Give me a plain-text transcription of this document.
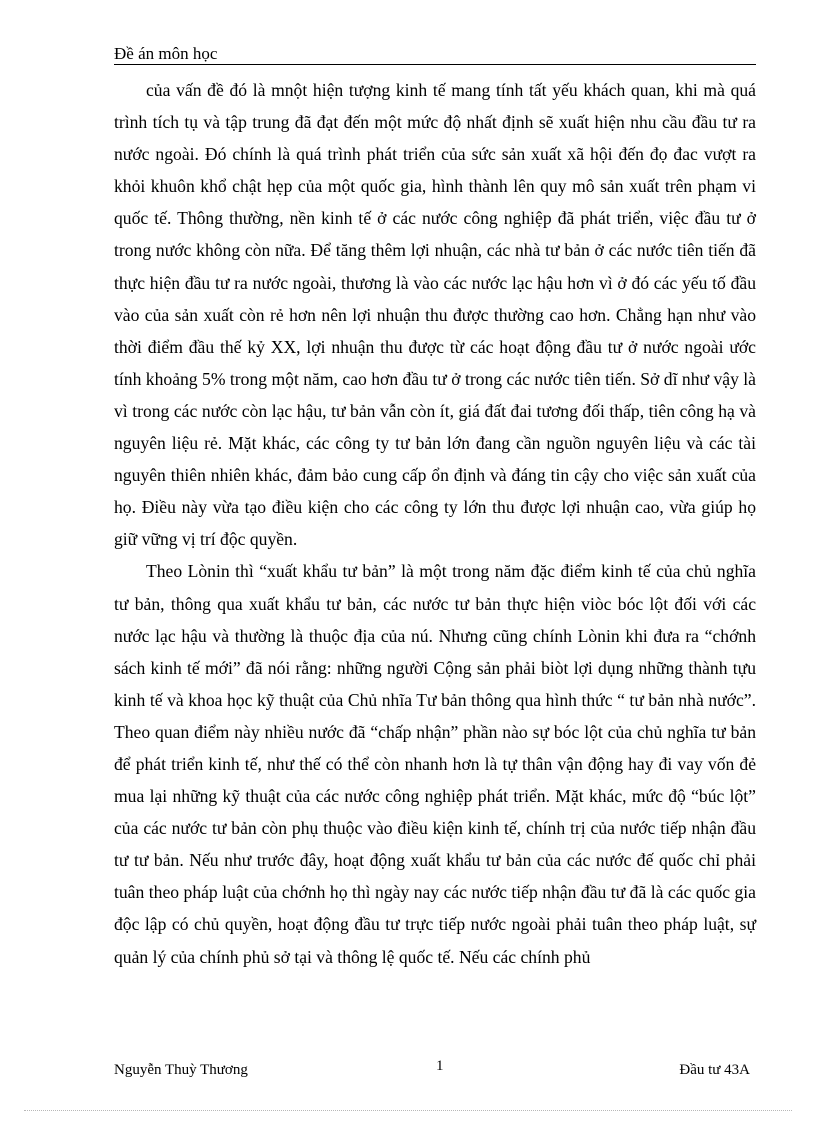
Đề án môn học

của vấn đề đó là mnột hiện tượng kinh tế mang tính tất yếu khách quan, khi mà quá trình tích tụ và tập trung đã đạt đến một mức độ nhất định sẽ xuất hiện nhu cầu đầu tư ra nước ngoài. Đó chính là quá trình phát triển của sức sản xuất xã hội đến đọ đac vượt ra khỏi khuôn khổ chật hẹp của một quốc gia, hình thành lên quy mô sản xuất trên phạm vi quốc tế. Thông thường, nền kinh tế ở các nước công nghiệp đã phát triển, việc đầu tư ở trong nước không còn nữa. Để tăng thêm lợi nhuận, các nhà tư bản ở các nước tiên tiến đã thực hiện đầu tư ra nước ngoài, thương là vào các nước lạc hậu hơn vì ở đó các yếu tố đầu vào của sản xuất còn rẻ hơn nên lợi nhuận thu được thường cao hơn. Chẳng hạn như vào thời điểm đầu thế kỷ XX, lợi nhuận thu được từ các hoạt động đầu tư ở nước ngoài ước tính khoảng 5% trong một năm, cao hơn đầu tư ở trong các nước tiên tiến. Sở dĩ như vậy là vì trong các nước còn lạc hậu, tư bản vẫn còn ít, giá đất đai tương đối thấp, tiên công hạ và nguyên liệu rẻ. Mặt khác, các công ty tư bản lớn đang cần nguồn nguyên liệu và các tài nguyên thiên nhiên khác, đảm bảo cung cấp ổn định và đáng tin cậy cho việc sản xuất của họ. Điều này vừa tạo điều kiện cho các công ty lớn thu được lợi nhuận cao, vừa giúp họ giữ vững vị trí độc quyền.

Theo Lònin thì “xuất khẩu tư bản” là một trong năm đặc điểm kinh tế của chủ nghĩa tư bản, thông qua xuất khẩu tư bản, các nước tư bản thực hiện viòc bóc lột đối với các nước lạc hậu và thường là thuộc địa của nú. Nhưng cũng chính Lònin khi đưa ra “chớnh sách kinh tế mới” đã nói rằng: những người Cộng sản phải biòt lợi dụng những thành tựu kinh tế và khoa học kỹ thuật của Chủ nhĩa Tư bản thông qua hình thức “ tư bản nhà nước”. Theo quan điểm này nhiều nước đã “chấp nhận” phần nào sự bóc lột của chủ nghĩa tư bản để phát triển kinh tế, như thế có thể còn nhanh hơn là tự thân vận động hay đi vay vốn đẻ mua lại những kỹ thuật của các nước công nghiệp phát triển. Mặt khác, mức độ “búc lột” của các nước tư bản còn phụ thuộc vào điều kiện kinh tế, chính trị của nước tiếp nhận đầu tư tư bản. Nếu như trước đây, hoạt động xuất khẩu tư bản của các nước đế quốc chỉ phải tuân theo pháp luật của chớnh họ thì ngày nay các nước tiếp nhận đầu tư đã là các quốc gia độc lập có chủ quyền, hoạt động đầu tư trực tiếp nước ngoài phải tuân theo pháp luật, sự quản lý của chính phủ sở tại và thông lệ quốc tế. Nếu các chính phủ

Nguyễn Thuỳ Thương	1	Đầu tư 43A
